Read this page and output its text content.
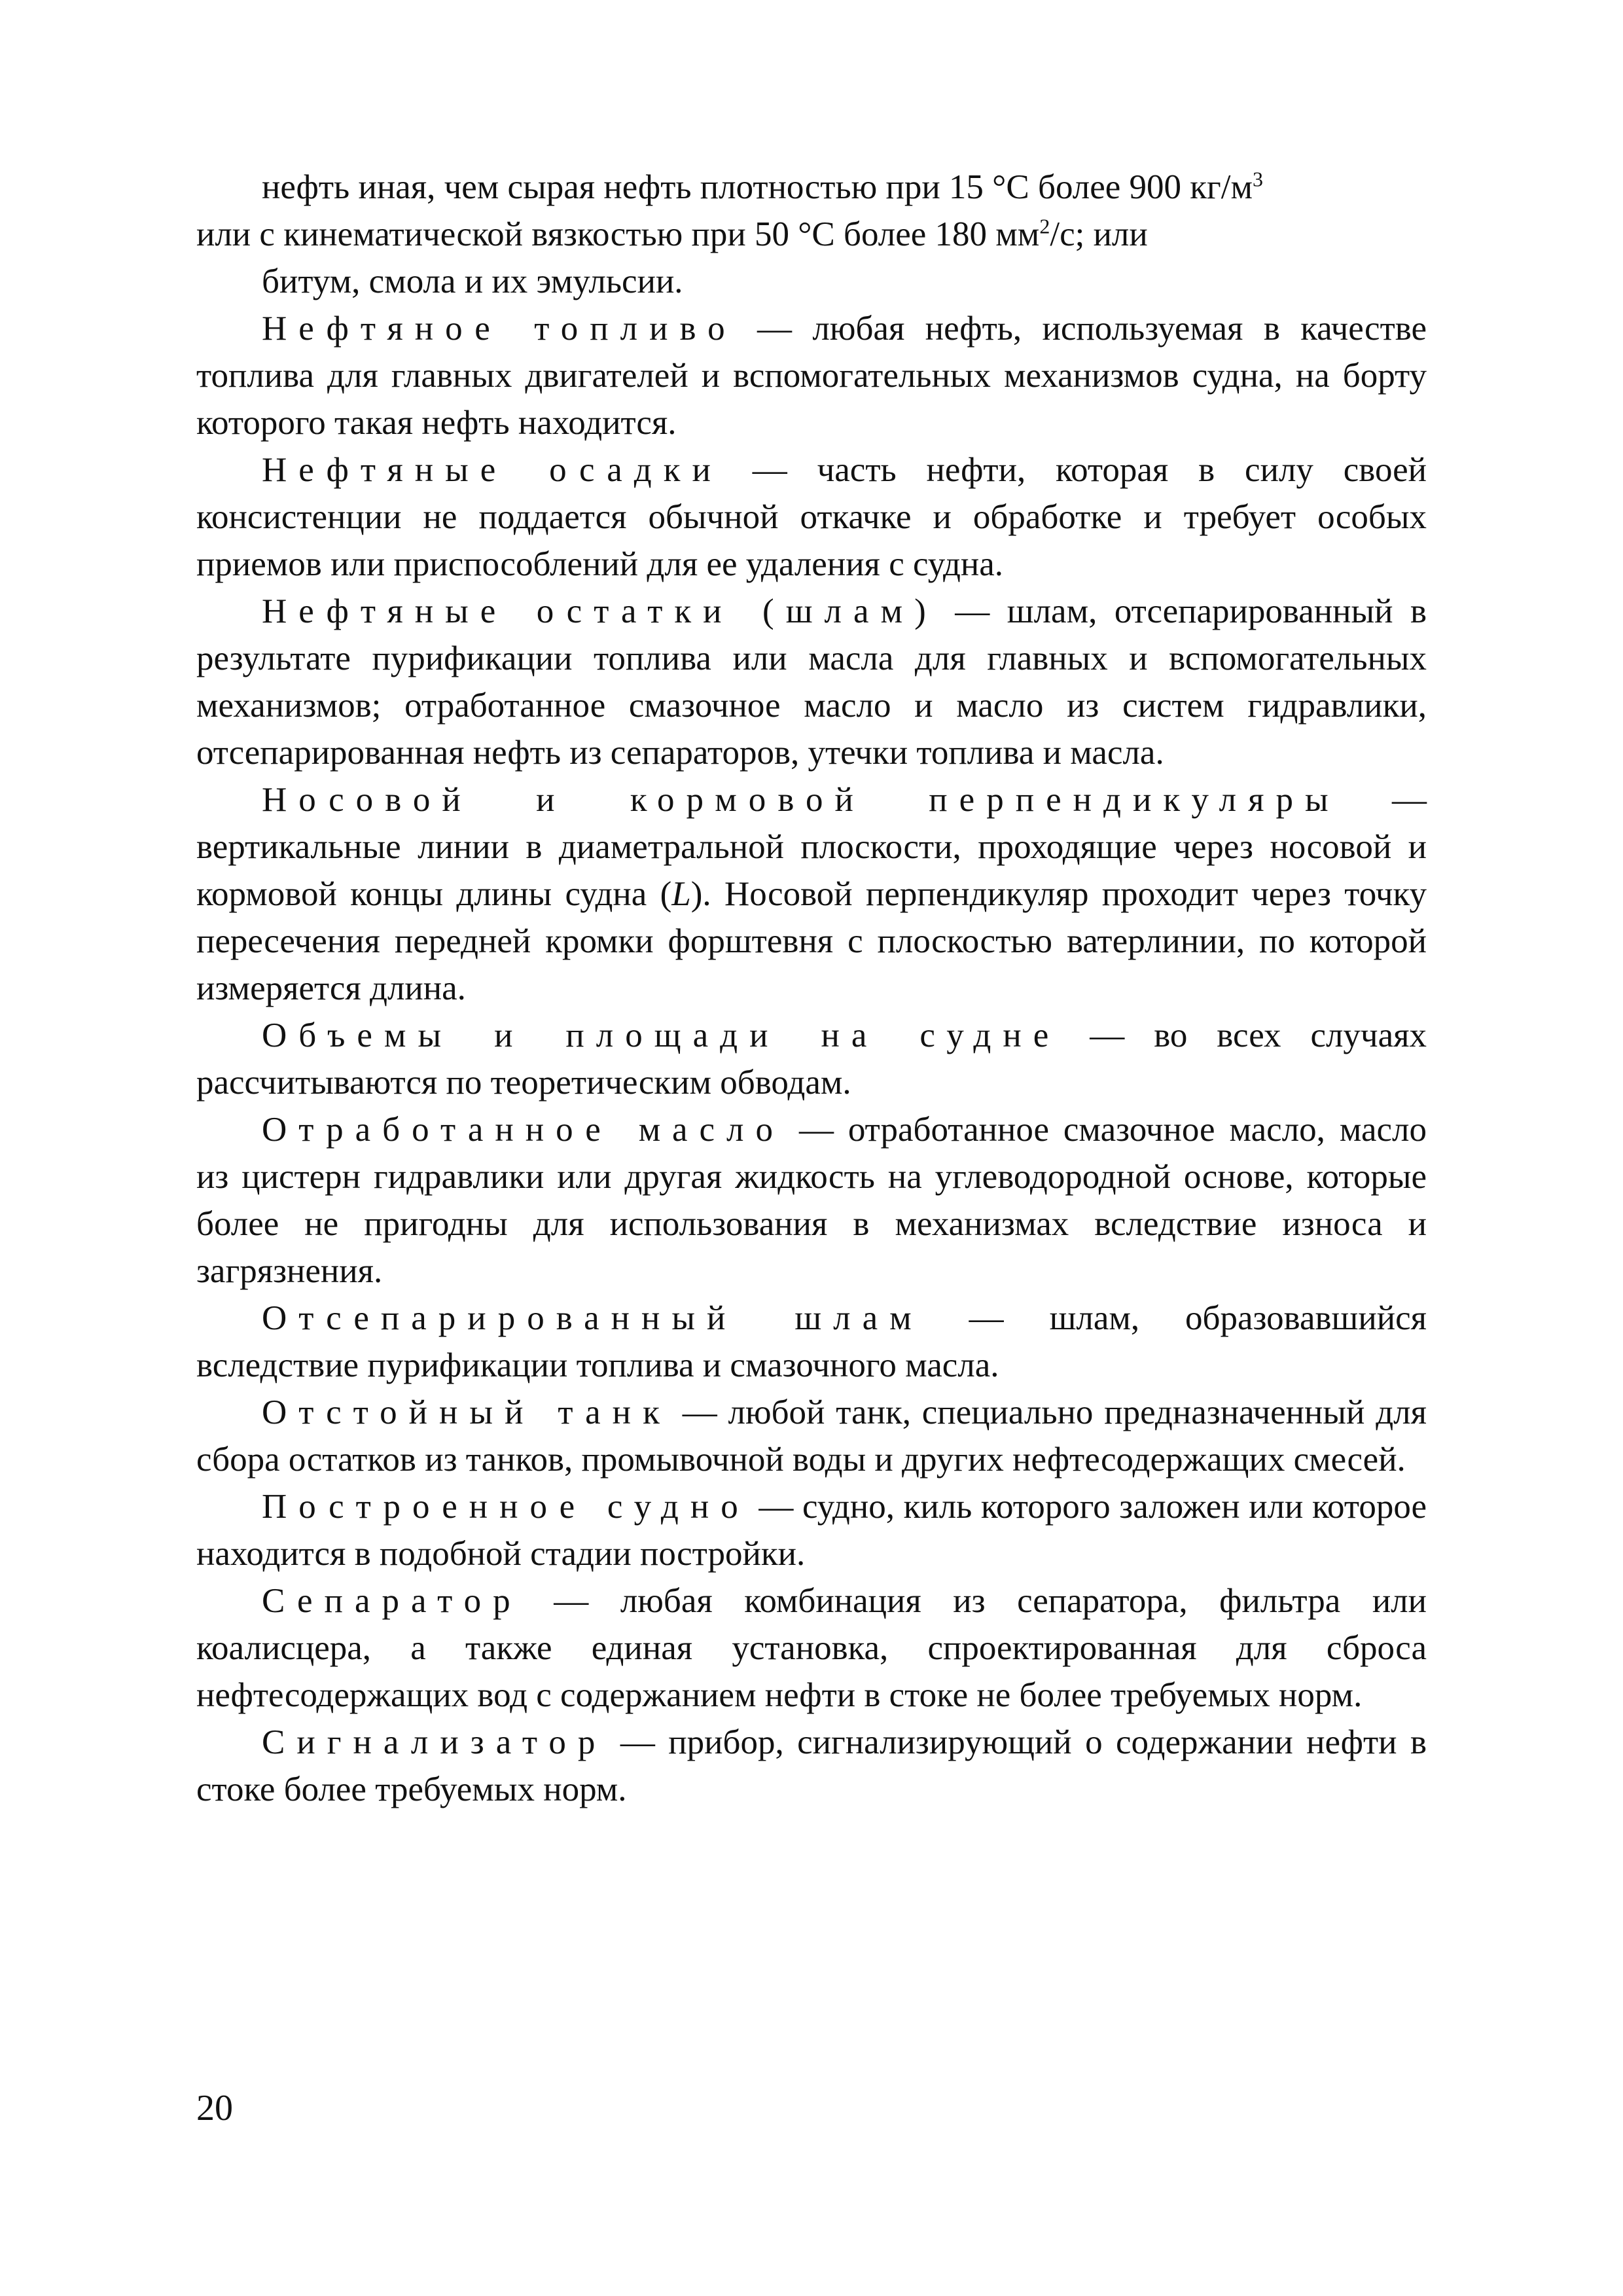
нефть иная, чем сырая нефть плотностью при 15 °С более 900 $кг/м^3$

или с кинематической вязкостью при 50 °С более 180 $мм^2/с$; или

битум, смола и их эмульсии.

Нефтяное топливо — любая нефть, используемая в качестве топлива для главных двигателей и вспомогательных механизмов судна, на борту которого такая нефть находится.

Нефтяные осадки — часть нефти, которая в силу своей консистенции не поддается обычной откачке и обработке и требует особых приемов или приспособлений для ее удаления с судна.

Нефтяные остатки (шлам) — шлам, отсепарированный в результате пурификации топлива или масла для главных и вспомогательных механизмов; отработанное смазочное масло и масло из систем гидравлики, отсепарированная нефть из сепараторов, утечки топлива и масла.

Носовой и кормовой перпендикуляры — вертикальные линии в диаметральной плоскости, проходящие через носовой и кормовой концы длины судна (L). Носовой перпендикуляр проходит через точку пересечения передней кромки форштевня с плоскостью ватерлинии, по которой измеряется длина.

Объемы и площади на судне — во всех случаях рассчитываются по теоретическим обводам.

Отработанное масло — отработанное смазочное масло, масло из цистерн гидравлики или другая жидкость на углеводородной основе, которые более не пригодны для использования в механизмах вследствие износа и загрязнения.

Отсепарированный шлам — шлам, образовавшийся вследствие пурификации топлива и смазочного масла.

Отстойный танк — любой танк, специально предназначенный для сбора остатков из танков, промывочной воды и других нефтесодержащих смесей.

Построенное судно — судно, киль которого заложен или которое находится в подобной стадии постройки.

Сепаратор — любая комбинация из сепаратора, фильтра или коалисцера, а также единая установка, спроектированная для сброса нефтесодержащих вод с содержанием нефти в стоке не более требуемых норм.

Сигнализатор — прибор, сигнализирующий о содержании нефти в стоке более требуемых норм.

20
